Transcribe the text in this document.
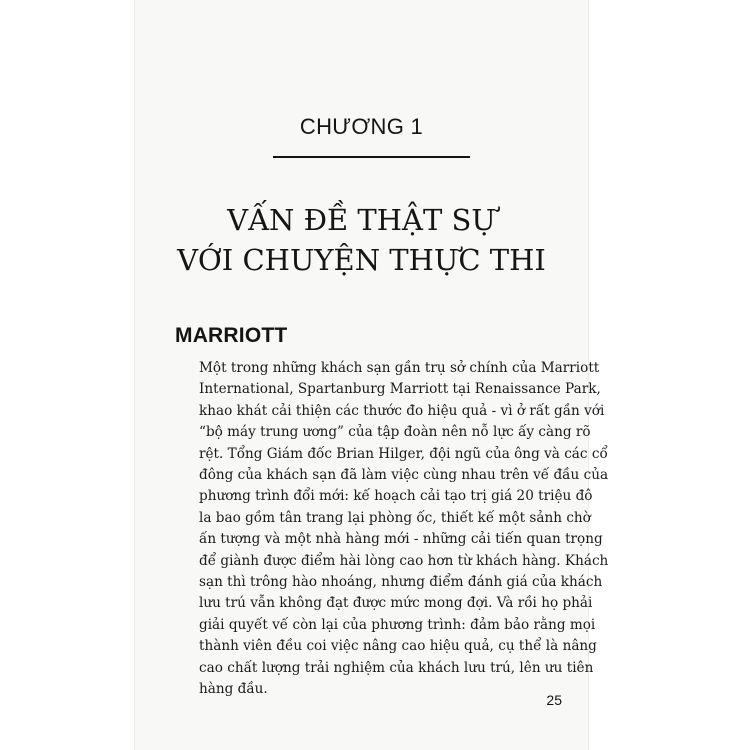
CHƯƠNG 1
VẤN ĐỀ THẬT SỰ
VỚI CHUYỆN THỰC THI
MARRIOTT
Một trong những khách sạn gần trụ sở chính của Marriott
International, Spartanburg Marriott tại Renaissance Park,
khao khát cải thiện các thước đo hiệu quả - vì ở rất gần với
“bộ máy trung ương” của tập đoàn nên nỗ lực ấy càng rõ
rệt. Tổng Giám đốc Brian Hilger, đội ngũ của ông và các cổ
đông của khách sạn đã làm việc cùng nhau trên vế đầu của
phương trình đổi mới: kế hoạch cải tạo trị giá 20 triệu đô
la bao gồm tân trang lại phòng ốc, thiết kế một sảnh chờ
ấn tượng và một nhà hàng mới - những cải tiến quan trọng
để giành được điểm hài lòng cao hơn từ khách hàng. Khách
sạn thì trông hào nhoáng, nhưng điểm đánh giá của khách
lưu trú vẫn không đạt được mức mong đợi. Và rồi họ phải
giải quyết vế còn lại của phương trình: đảm bảo rằng mọi
thành viên đều coi việc nâng cao hiệu quả, cụ thể là nâng
cao chất lượng trải nghiệm của khách lưu trú, lên ưu tiên
hàng đầu.
25
